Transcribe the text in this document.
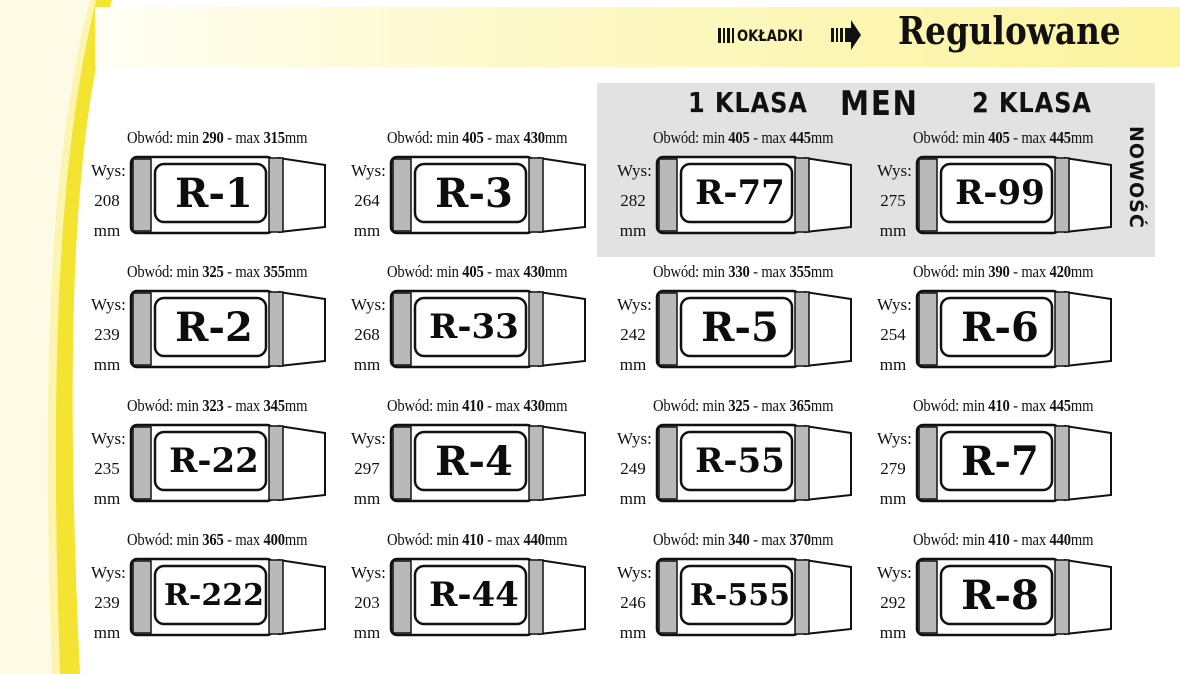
OKŁADKI	Regulowane
1 KLASA MEN 2 KLASA
NOWOŚĆ
Obwód: min 290 - max 315mm
Wys:
208
mm
R-1
Obwód: min 405 - max 430mm
Wys:
264
mm
R-3
Obwód: min 405 - max 445mm
Wys:
282
mm
R-77
Obwód: min 405 - max 445mm
Wys:
275
mm
R-99
Obwód: min 325 - max 355mm
Wys:
239
mm
R-2
Obwód: min 405 - max 430mm
Wys:
268
mm
R-33
Obwód: min 330 - max 355mm
Wys:
242
mm
R-5
Obwód: min 390 - max 420mm
Wys:
254
mm
R-6
Obwód: min 323 - max 345mm
Wys:
235
mm
R-22
Obwód: min 410 - max 430mm
Wys:
297
mm
R-4
Obwód: min 325 - max 365mm
Wys:
249
mm
R-55
Obwód: min 410 - max 445mm
Wys:
279
mm
R-7
Obwód: min 365 - max 400mm
Wys:
239
mm
R-222
Obwód: min 410 - max 440mm
Wys:
203
mm
R-44
Obwód: min 340 - max 370mm
Wys:
246
mm
R-555
Obwód: min 410 - max 440mm
Wys:
292
mm
R-8
